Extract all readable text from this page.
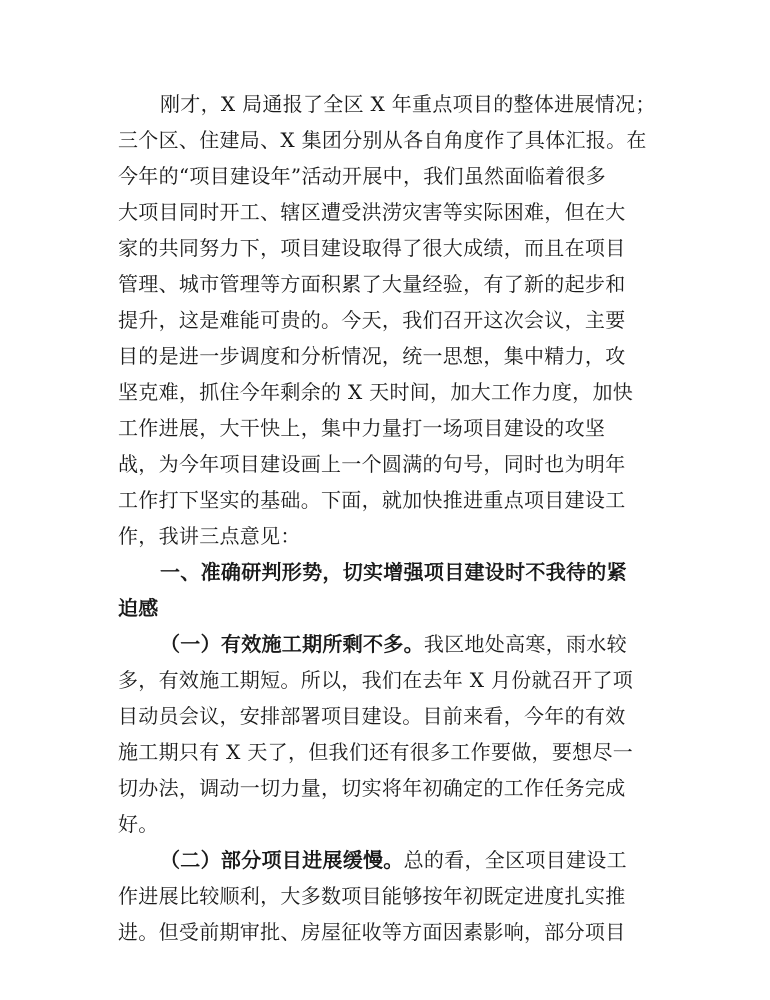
刚才，X 局通报了全区 X 年重点项目的整体进展情况；
三个区、住建局、X 集团分别从各自角度作了具体汇报。在
今年的“项目建设年”活动开展中，我们虽然面临着很多
大项目同时开工、辖区遭受洪涝灾害等实际困难，但在大
家的共同努力下，项目建设取得了很大成绩，而且在项目
管理、城市管理等方面积累了大量经验，有了新的起步和
提升，这是难能可贵的。今天，我们召开这次会议，主要
目的是进一步调度和分析情况，统一思想，集中精力，攻
坚克难，抓住今年剩余的 X 天时间，加大工作力度，加快
工作进展，大干快上，集中力量打一场项目建设的攻坚
战，为今年项目建设画上一个圆满的句号，同时也为明年
工作打下坚实的基础。下面，就加快推进重点项目建设工
作，我讲三点意见：
一、准确研判形势，切实增强项目建设时不我待的紧
迫感
（一）有效施工期所剩不多。我区地处高寒，雨水较
多，有效施工期短。所以，我们在去年 X 月份就召开了项
目动员会议，安排部署项目建设。目前来看，今年的有效
施工期只有 X 天了，但我们还有很多工作要做，要想尽一
切办法，调动一切力量，切实将年初确定的工作任务完成
好。
（二）部分项目进展缓慢。总的看，全区项目建设工
作进展比较顺利，大多数项目能够按年初既定进度扎实推
进。但受前期审批、房屋征收等方面因素影响，部分项目
